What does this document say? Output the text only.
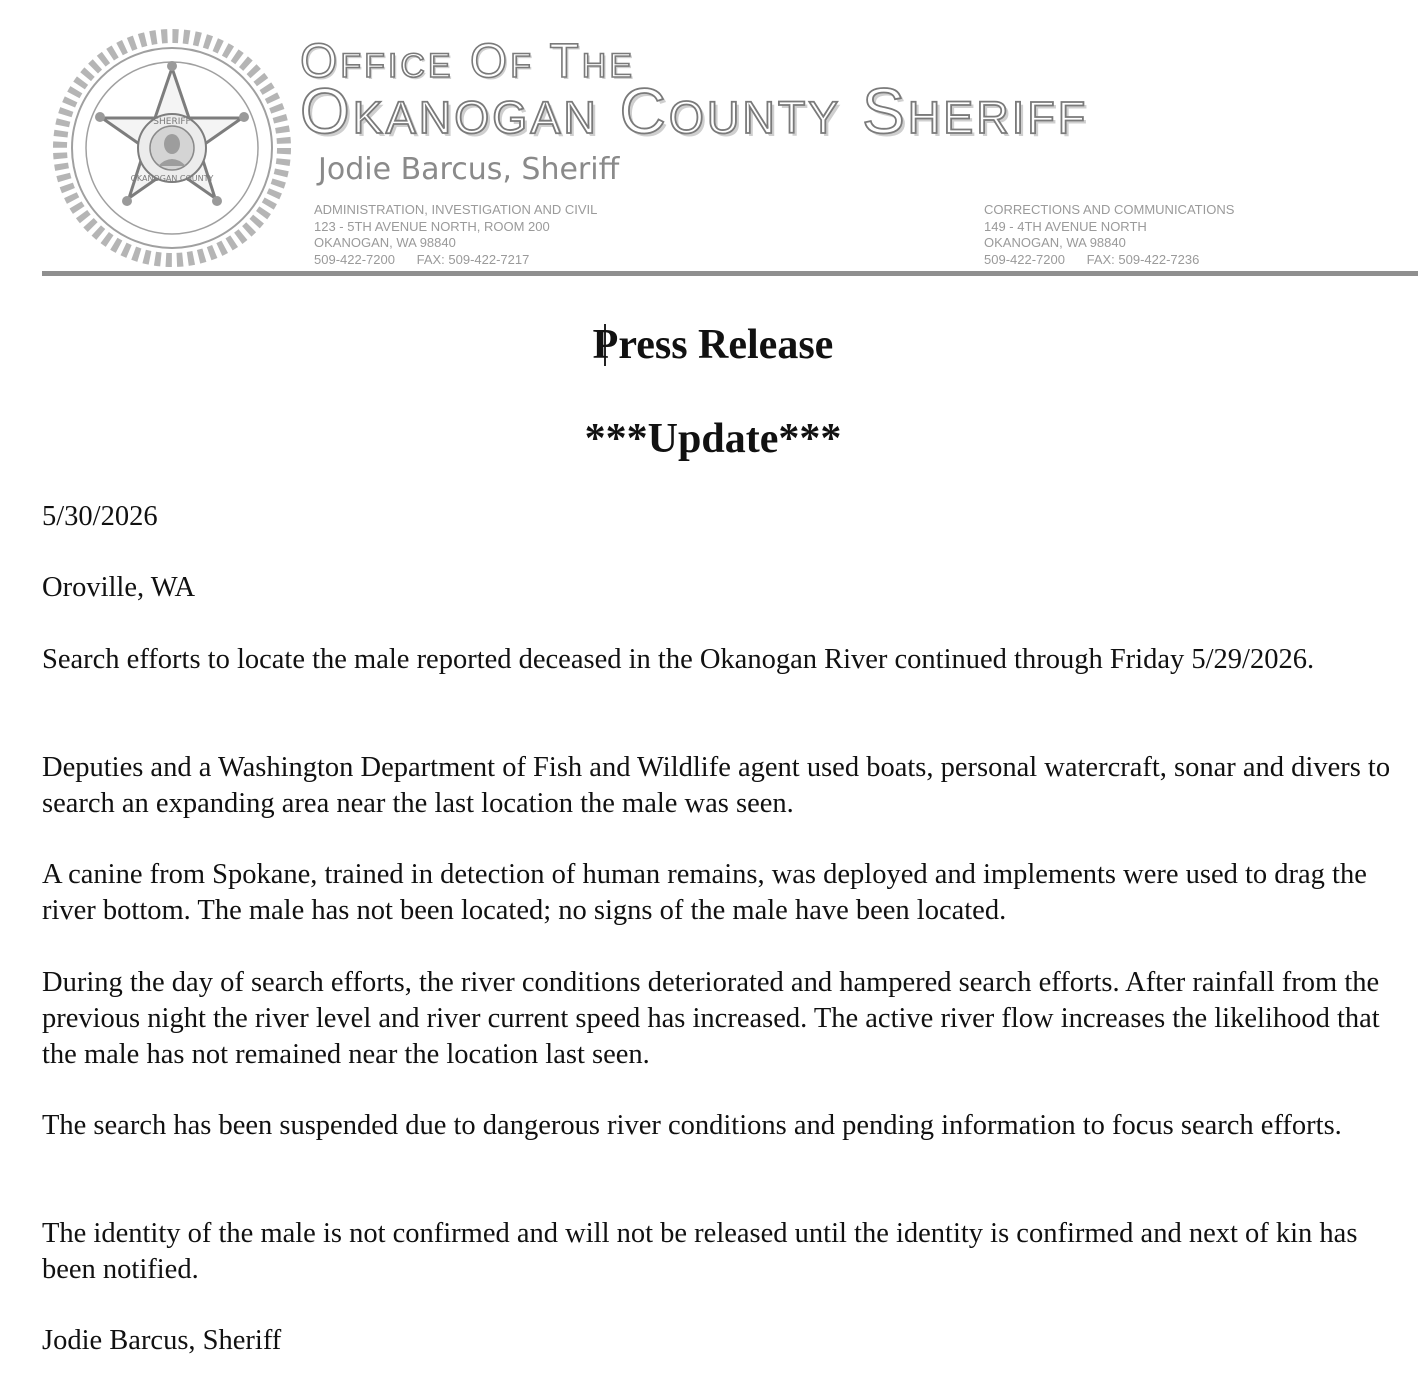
SHERIFF
OKANOGAN COUNTY
Office Of The
Okanogan County Sheriff
Jodie Barcus, Sheriff
ADMINISTRATION, INVESTIGATION AND CIVIL
123 - 5TH AVENUE NORTH, ROOM 200
OKANOGAN, WA 98840
509-422-7200 FAX: 509-422-7217
CORRECTIONS AND COMMUNICATIONS
149 - 4TH AVENUE NORTH
OKANOGAN, WA 98840
509-422-7200 FAX: 509-422-7236
Press Release
***Update***
5/30/2026
Oroville, WA
Search efforts to locate the male reported deceased in the Okanogan River continued through Friday 5/29/2026.
Deputies and a Washington Department of Fish and Wildlife agent used boats, personal watercraft, sonar and divers to search an expanding area near the last location the male was seen.
A canine from Spokane, trained in detection of human remains, was deployed and implements were used to drag the river bottom. The male has not been located; no signs of the male have been located.
During the day of search efforts, the river conditions deteriorated and hampered search efforts. After rainfall from the previous night the river level and river current speed has increased. The active river flow increases the likelihood that the male has not remained near the location last seen.
The search has been suspended due to dangerous river conditions and pending information to focus search efforts.
The identity of the male is not confirmed and will not be released until the identity is confirmed and next of kin has been notified.
Jodie Barcus, Sheriff
